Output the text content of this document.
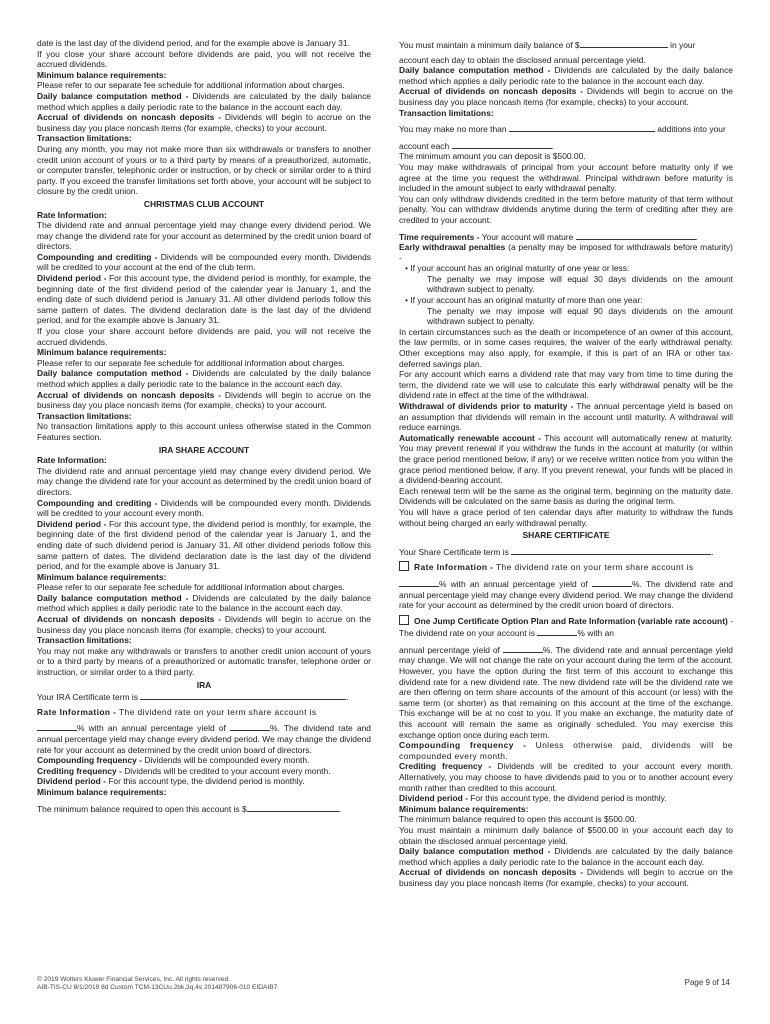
date is the last day of the dividend period, and for the example above is January 31.

If you close your share account before dividends are paid, you will not receive the accrued dividends.

Minimum balance requirements:

Please refer to our separate fee schedule for additional information about charges.

Daily balance computation method - Dividends are calculated by the daily balance method which applies a daily periodic rate to the balance in the account each day.

Accrual of dividends on noncash deposits - Dividends will begin to accrue on the business day you place noncash items (for example, checks) to your account.

Transaction limitations:

During any month, you may not make more than six withdrawals or transfers to another credit union account of yours or to a third party by means of a preauthorized, automatic, or computer transfer, telephonic order or instruction, or by check or similar order to a third party. If you exceed the transfer limitations set forth above, your account will be subject to closure by the credit union.

CHRISTMAS CLUB ACCOUNT

Rate Information:

The dividend rate and annual percentage yield may change every dividend period. We may change the dividend rate for your account as determined by the credit union board of directors.

Compounding and crediting - Dividends will be compounded every month. Dividends will be credited to your account at the end of the club term.

Dividend period - For this account type, the dividend period is monthly, for example, the beginning date of the first dividend period of the calendar year is January 1, and the ending date of such dividend period is January 31. All other dividend periods follow this same pattern of dates. The dividend declaration date is the last day of the dividend period, and for the example above is January 31.

If you close your share account before dividends are paid, you will not receive the accrued dividends.

Minimum balance requirements:

Please refer to our separate fee schedule for additional information about charges.

Daily balance computation method - Dividends are calculated by the daily balance method which applies a daily periodic rate to the balance in the account each day.

Accrual of dividends on noncash deposits - Dividends will begin to accrue on the business day you place noncash items (for example, checks) to your account.

Transaction limitations:

No transaction limitations apply to this account unless otherwise stated in the Common Features section.

IRA SHARE ACCOUNT

Rate Information:

The dividend rate and annual percentage yield may change every dividend period. We may change the dividend rate for your account as determined by the credit union board of directors.

Compounding and crediting - Dividends will be compounded every month. Dividends will be credited to your account every month.

Dividend period - For this account type, the dividend period is monthly, for example, the beginning date of the first dividend period of the calendar year is January 1, and the ending date of such dividend period is January 31. All other dividend periods follow this same pattern of dates. The dividend declaration date is the last day of the dividend period, and for the example above is January 31.

Minimum balance requirements:

Please refer to our separate fee schedule for additional information about charges.

Daily balance computation method - Dividends are calculated by the daily balance method which applies a daily periodic rate to the balance in the account each day.

Accrual of dividends on noncash deposits - Dividends will begin to accrue on the business day you place noncash items (for example, checks) to your account.

Transaction limitations:

You may not make any withdrawals or transfers to another credit union account of yours or to a third party by means of a preauthorized or automatic transfer, telephone order or instruction, or similar order to a third party.

IRA

Your IRA Certificate term is	.

Rate Information - The dividend rate on your term share account is

% with an annual percentage yield of	%. The dividend rate and annual percentage yield may change every dividend period. We may change the dividend rate for your account as determined by the credit union board of directors.

Compounding frequency - Dividends will be compounded every month.

Crediting frequency - Dividends will be credited to your account every month.

Dividend period - For this account type, the dividend period is monthly.

Minimum balance requirements:

The minimum balance required to open this account is $	.

You must maintain a minimum daily balance of $	in your

account each day to obtain the disclosed annual percentage yield.

Daily balance computation method - Dividends are calculated by the daily balance method which applies a daily periodic rate to the balance in the account each day.

Accrual of dividends on noncash deposits - Dividends will begin to accrue on the business day you place noncash items (for example, checks) to your account.

Transaction limitations:

You may make no more than	additions into your

account each	.

The minimum amount you can deposit is $500.00.

You may make withdrawals of principal from your account before maturity only if we agree at the time you request the withdrawal. Principal withdrawn before maturity is included in the amount subject to early withdrawal penalty.

You can only withdraw dividends credited in the term before maturity of that term without penalty. You can withdraw dividends anytime during the term of crediting after they are credited to your account.

Time requirements - Your account will mature	.

Early withdrawal penalties (a penalty may be imposed for withdrawals before maturity) -

• If your account has an original maturity of one year or less:

The penalty we may impose will equal 30 days dividends on the amount withdrawn subject to penalty.

• If your account has an original maturity of more than one year:

The penalty we may impose will equal 90 days dividends on the amount withdrawn subject to penalty.

In certain circumstances such as the death or incompetence of an owner of this account, the law permits, or in some cases requires, the waiver of the early withdrawal penalty. Other exceptions may also apply, for example, if this is part of an IRA or other tax-deferred savings plan.

For any account which earns a dividend rate that may vary from time to time during the term, the dividend rate we will use to calculate this early withdrawal penalty will be the dividend rate in effect at the time of the withdrawal.

Withdrawal of dividends prior to maturity - The annual percentage yield is based on an assumption that dividends will remain in the account until maturity. A withdrawal will reduce earnings.

Automatically renewable account - This account will automatically renew at maturity. You may prevent renewal if you withdraw the funds in the account at maturity (or within the grace period mentioned below, if any) or we receive written notice from you within the grace period mentioned below, if any. If you prevent renewal, your funds will be placed in a dividend-bearing account.

Each renewal term will be the same as the original term, beginning on the maturity date. Dividends will be calculated on the same basis as during the original term.

You will have a grace period of ten calendar days after maturity to withdraw the funds without being charged an early withdrawal penalty.

SHARE CERTIFICATE

Your Share Certificate term is	.

Rate Information - The dividend rate on your term share account is

% with an annual percentage yield of	%. The dividend rate and annual percentage yield may change every dividend period. We may change the dividend rate for your account as determined by the credit union board of directors.

One Jump Certificate Option Plan and Rate Information (variable rate account) - The dividend rate on your account is	% with an

annual percentage yield of	%. The dividend rate and annual percentage yield may change. We will not change the rate on your account during the term of the account. However, you have the option during the first term of this account to exchange this dividend rate for a new dividend rate. The new dividend rate will be the dividend rate we are then offering on term share accounts of the amount of this account (or less) with the same term (or shorter) as that remaining on this account at the time of the exchange. This exchange will be at no cost to you. If you make an exchange, the maturity date of this account will remain the same as originally scheduled. You may exercise this exchange option once during each term.

Compounding frequency - Unless otherwise paid, dividends will be compounded every month.

Crediting frequency - Dividends will be credited to your account every month. Alternatively, you may choose to have dividends paid to you or to another account every month rather than credited to this account.

Dividend period - For this account type, the dividend period is monthly.

Minimum balance requirements:

The minimum balance required to open this account is $500.00.

You must maintain a minimum daily balance of $500.00 in your account each day to obtain the disclosed annual percentage yield.

Daily balance computation method - Dividends are calculated by the daily balance method which applies a daily periodic rate to the balance in the account each day.

Accrual of dividends on noncash deposits - Dividends will begin to accrue on the business day you place noncash items (for example, checks) to your account.

© 2019 Wolters Kluwer Financial Services, Inc. All rights reserved.
AIB-TIS-CU 8/1/2019 8d Custom TCM-13CUu,2bk,3q,4s 201487906-010 EIDAIB7
Page 9 of 14
